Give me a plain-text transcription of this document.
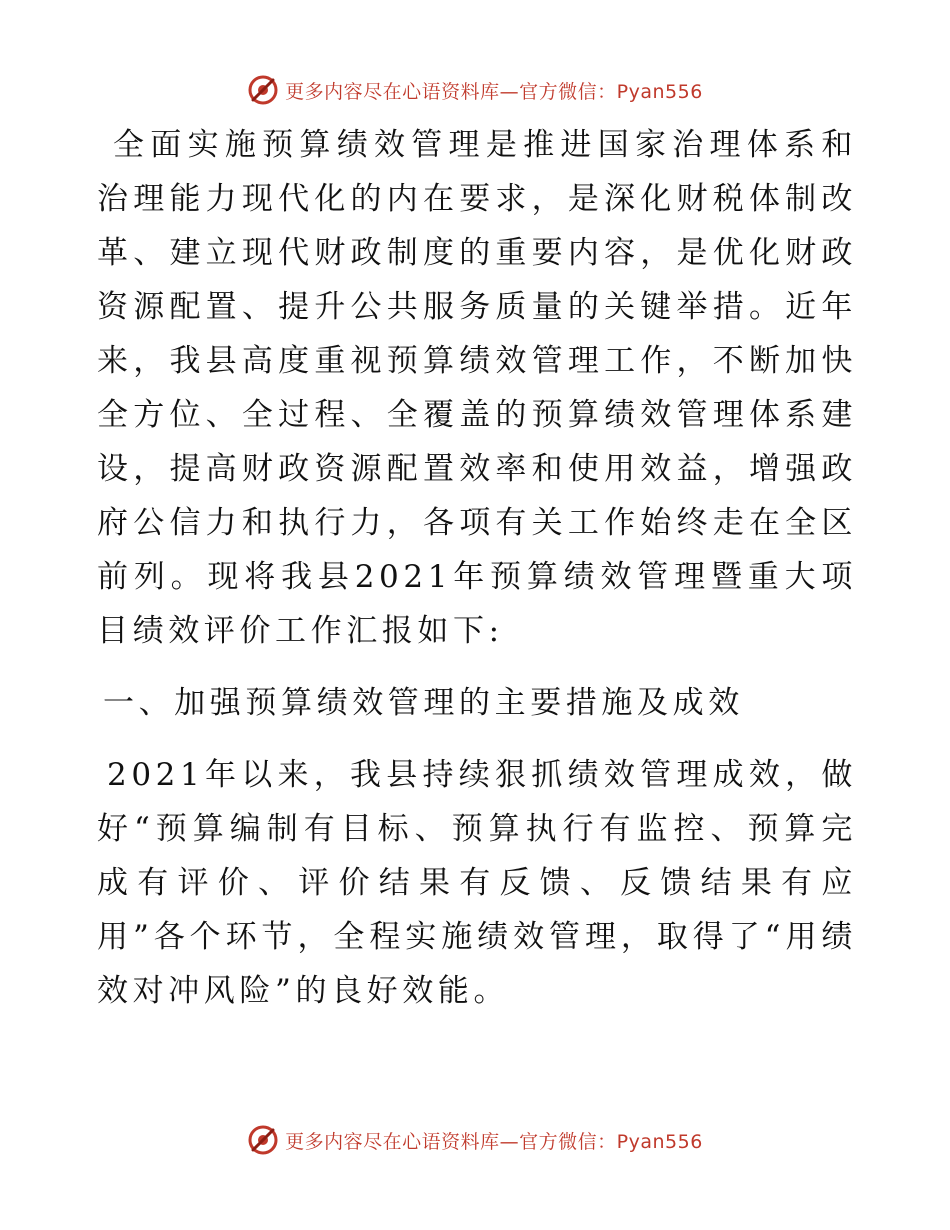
更多内容尽在心语资料库—官方微信：Pyan556

全面实施预算绩效管理是推进国家治理体系和治理能力现代化的内在要求，是深化财税体制改革、建立现代财政制度的重要内容，是优化财政资源配置、提升公共服务质量的关键举措。近年来，我县高度重视预算绩效管理工作，不断加快全方位、全过程、全覆盖的预算绩效管理体系建设，提高财政资源配置效率和使用效益，增强政府公信力和执行力，各项有关工作始终走在全区前列。现将我县2021年预算绩效管理暨重大项目绩效评价工作汇报如下:

一、加强预算绩效管理的主要措施及成效

2021年以来，我县持续狠抓绩效管理成效，做好“预算编制有目标、预算执行有监控、预算完成有评价、评价结果有反馈、反馈结果有应用”各个环节，全程实施绩效管理，取得了“用绩效对冲风险”的良好效能。

更多内容尽在心语资料库—官方微信：Pyan556
